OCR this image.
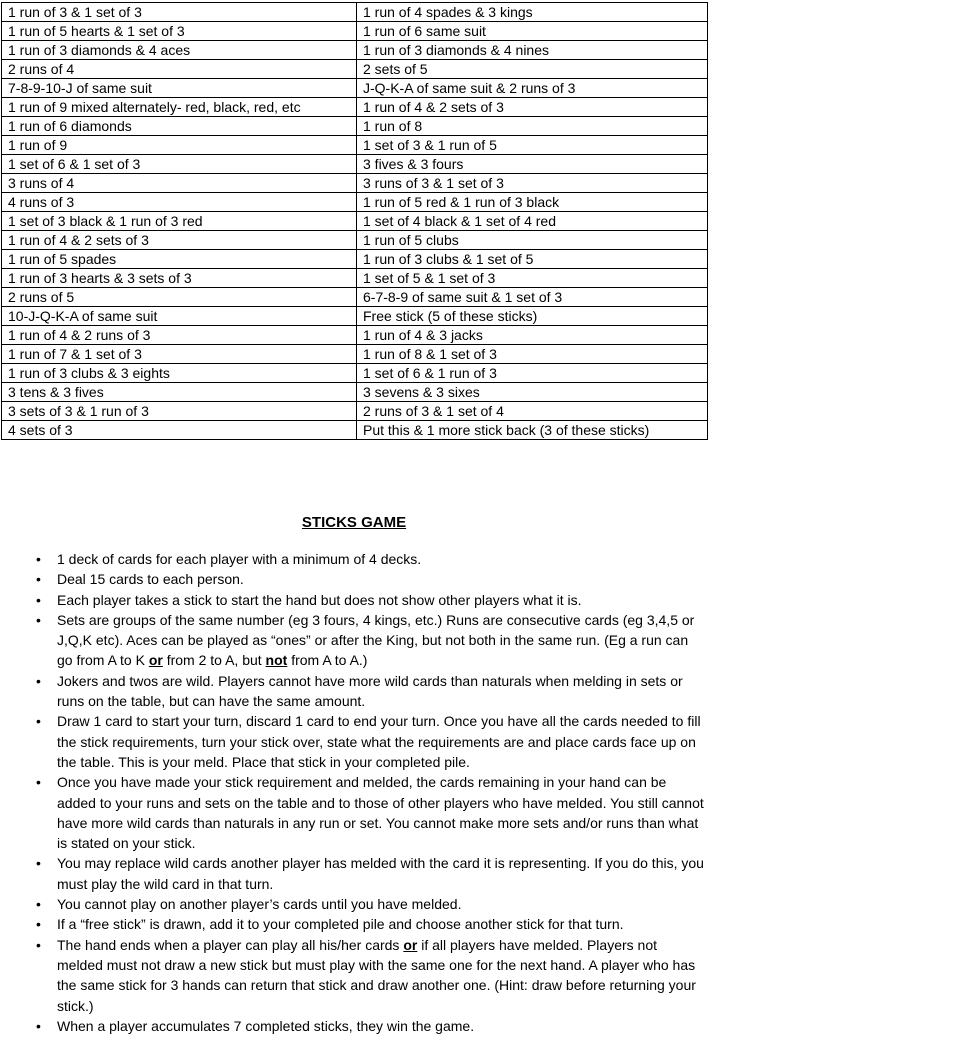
1 run of 3 & 1 set of 3	1 run of 4 spades & 3 kings
1 run of 5 hearts & 1 set of 3	1 run of 6 same suit
1 run of 3 diamonds & 4 aces	1 run of 3 diamonds & 4 nines
2 runs of 4	2 sets of 5
7-8-9-10-J of same suit	J-Q-K-A of same suit & 2 runs of 3
1 run of 9 mixed alternately- red, black, red, etc	1 run of 4 & 2 sets of 3
1 run of 6 diamonds	1 run of 8
1 run of 9	1 set of 3 & 1 run of 5
1 set of 6 & 1 set of 3	3 fives & 3 fours
3 runs of 4	3 runs of 3 & 1 set of 3
4 runs of 3	1 run of 5 red & 1 run of 3 black
1 set of 3 black & 1 run of 3 red	1 set of 4 black & 1 set of 4 red
1 run of 4 & 2 sets of 3	1 run of 5 clubs
1 run of 5 spades	1 run of 3 clubs & 1 set of 5
1 run of 3 hearts & 3 sets of 3	1 set of 5 & 1 set of 3
2 runs of 5	6-7-8-9 of same suit & 1 set of 3
10-J-Q-K-A of same suit	Free stick (5 of these sticks)
1 run of 4 & 2 runs of 3	1 run of 4 & 3 jacks
1 run of 7 & 1 set of 3	1 run of 8 & 1 set of 3
1 run of 3 clubs & 3 eights	1 set of 6 & 1 run of 3
3 tens & 3 fives	3 sevens & 3 sixes
3 sets of 3 & 1 run of 3	2 runs of 3 & 1 set of 4
4 sets of 3	Put this & 1 more stick back (3 of these sticks)
STICKS GAME
• 1 deck of cards for each player with a minimum of 4 decks.
• Deal 15 cards to each person.
• Each player takes a stick to start the hand but does not show other players what it is.
• Sets are groups of the same number (eg 3 fours, 4 kings, etc.) Runs are consecutive cards (eg 3,4,5 or J,Q,K etc). Aces can be played as “ones” or after the King, but not both in the same run. (Eg a run can go from A to K or from 2 to A, but not from A to A.)
• Jokers and twos are wild. Players cannot have more wild cards than naturals when melding in sets or runs on the table, but can have the same amount.
• Draw 1 card to start your turn, discard 1 card to end your turn. Once you have all the cards needed to fill the stick requirements, turn your stick over, state what the requirements are and place cards face up on the table. This is your meld. Place that stick in your completed pile.
• Once you have made your stick requirement and melded, the cards remaining in your hand can be added to your runs and sets on the table and to those of other players who have melded. You still cannot have more wild cards than naturals in any run or set. You cannot make more sets and/or runs than what is stated on your stick.
• You may replace wild cards another player has melded with the card it is representing. If you do this, you must play the wild card in that turn.
• You cannot play on another player’s cards until you have melded.
• If a “free stick” is drawn, add it to your completed pile and choose another stick for that turn.
• The hand ends when a player can play all his/her cards or if all players have melded. Players not melded must not draw a new stick but must play with the same one for the next hand. A player who has the same stick for 3 hands can return that stick and draw another one. (Hint: draw before returning your stick.)
• When a player accumulates 7 completed sticks, they win the game.
